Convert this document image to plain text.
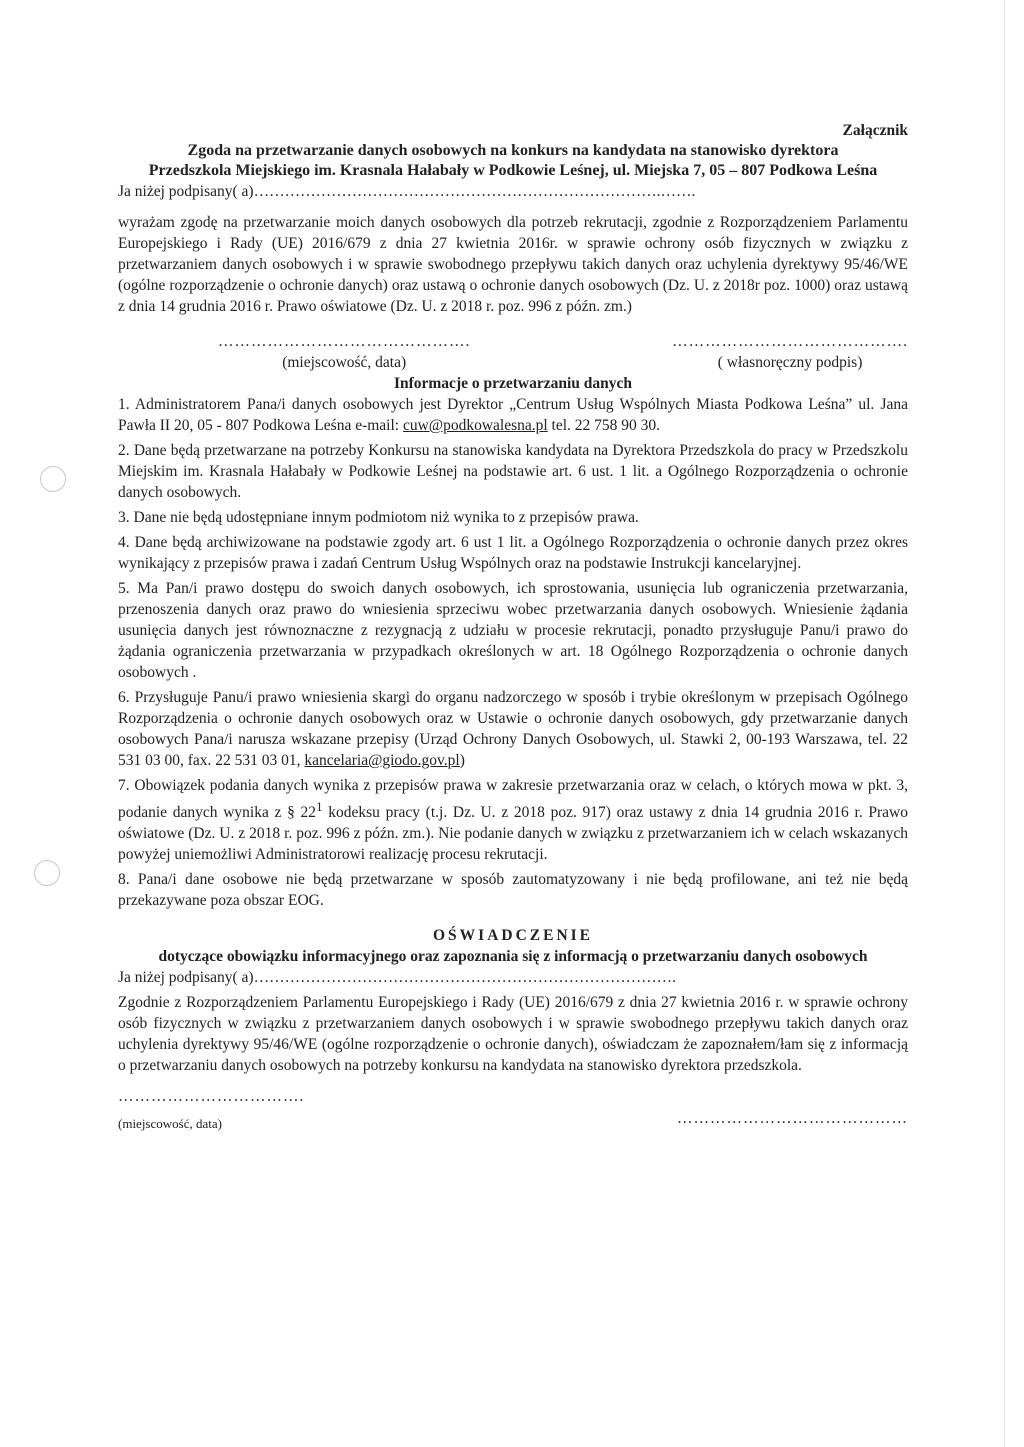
Załącznik
Zgoda na przetwarzanie danych osobowych na konkurs na kandydata na stanowisko dyrektora
Przedszkola Miejskiego im. Krasnala Hałabały w Podkowie Leśnej, ul. Miejska 7, 05 – 807 Podkowa Leśna

Ja niżej podpisany( a)…………………………………………………………………….…….

wyrażam zgodę na przetwarzanie moich danych osobowych dla potrzeb rekrutacji, zgodnie z Rozporządzeniem Parlamentu Europejskiego i Rady (UE) 2016/679 z dnia 27 kwietnia 2016r. w sprawie ochrony osób fizycznych w związku z przetwarzaniem danych osobowych i w sprawie swobodnego przepływu takich danych oraz uchylenia dyrektywy 95/46/WE (ogólne rozporządzenie o ochronie danych) oraz ustawą o ochronie danych osobowych (Dz. U. z 2018r poz. 1000) oraz ustawą z dnia 14 grudnia 2016 r. Prawo oświatowe (Dz. U. z 2018 r. poz. 996 z późn. zm.)

……………………………………….
(miejscowość, data)
…………………………………….
( własnoręczny podpis)
Informacje o przetwarzaniu danych

1. Administratorem Pana/i danych osobowych jest Dyrektor „Centrum Usług Wspólnych Miasta Podkowa Leśna” ul. Jana Pawła II 20, 05 - 807 Podkowa Leśna e-mail: cuw@podkowalesna.pl tel. 22 758 90 30.

2. Dane będą przetwarzane na potrzeby Konkursu na stanowiska kandydata na Dyrektora Przedszkola do pracy w Przedszkolu Miejskim im. Krasnala Hałabały w Podkowie Leśnej na podstawie art. 6 ust. 1 lit. a Ogólnego Rozporządzenia o ochronie danych osobowych.

3. Dane nie będą udostępniane innym podmiotom niż wynika to z przepisów prawa.

4. Dane będą archiwizowane na podstawie zgody art. 6 ust 1 lit. a Ogólnego Rozporządzenia o ochronie danych przez okres wynikający z przepisów prawa i zadań Centrum Usług Wspólnych oraz na podstawie Instrukcji kancelaryjnej.

5. Ma Pan/i prawo dostępu do swoich danych osobowych, ich sprostowania, usunięcia lub ograniczenia przetwarzania, przenoszenia danych oraz prawo do wniesienia sprzeciwu wobec przetwarzania danych osobowych. Wniesienie żądania usunięcia danych jest równoznaczne z rezygnacją z udziału w procesie rekrutacji, ponadto przysługuje Panu/i prawo do żądania ograniczenia przetwarzania w przypadkach określonych w art. 18 Ogólnego Rozporządzenia o ochronie danych osobowych .

6. Przysługuje Panu/i prawo wniesienia skargi do organu nadzorczego w sposób i trybie określonym w przepisach Ogólnego Rozporządzenia o ochronie danych osobowych oraz w Ustawie o ochronie danych osobowych, gdy przetwarzanie danych osobowych Pana/i narusza wskazane przepisy (Urząd Ochrony Danych Osobowych, ul. Stawki 2, 00-193 Warszawa, tel. 22 531 03 00, fax. 22 531 03 01, kancelaria@giodo.gov.pl)

7. Obowiązek podania danych wynika z przepisów prawa w zakresie przetwarzania oraz w celach, o których mowa w pkt. 3, podanie danych wynika z § $22^1$ kodeksu pracy (t.j. Dz. U. z 2018 poz. 917) oraz ustawy z dnia 14 grudnia 2016 r. Prawo oświatowe (Dz. U. z 2018 r. poz. 996 z późn. zm.). Nie podanie danych w związku z przetwarzaniem ich w celach wskazanych powyżej uniemożliwi Administratorowi realizację procesu rekrutacji.

8. Pana/i dane osobowe nie będą przetwarzane w sposób zautomatyzowany i nie będą profilowane, ani też nie będą przekazywane poza obszar EOG.

OŚWIADCZENIE
dotyczące obowiązku informacyjnego oraz zapoznania się z informacją o przetwarzaniu danych osobowych

Ja niżej podpisany( a)……………………………………………………………………….

Zgodnie z Rozporządzeniem Parlamentu Europejskiego i Rady (UE) 2016/679 z dnia 27 kwietnia 2016 r. w sprawie ochrony osób fizycznych w związku z przetwarzaniem danych osobowych i w sprawie swobodnego przepływu takich danych oraz uchylenia dyrektywy 95/46/WE (ogólne rozporządzenie o ochronie danych), oświadczam że zapoznałem/łam się z informacją o przetwarzaniu danych osobowych na potrzeby konkursu na kandydata na stanowisko dyrektora przedszkola.

…………………………….
(miejscowość, data)	……………………………………
